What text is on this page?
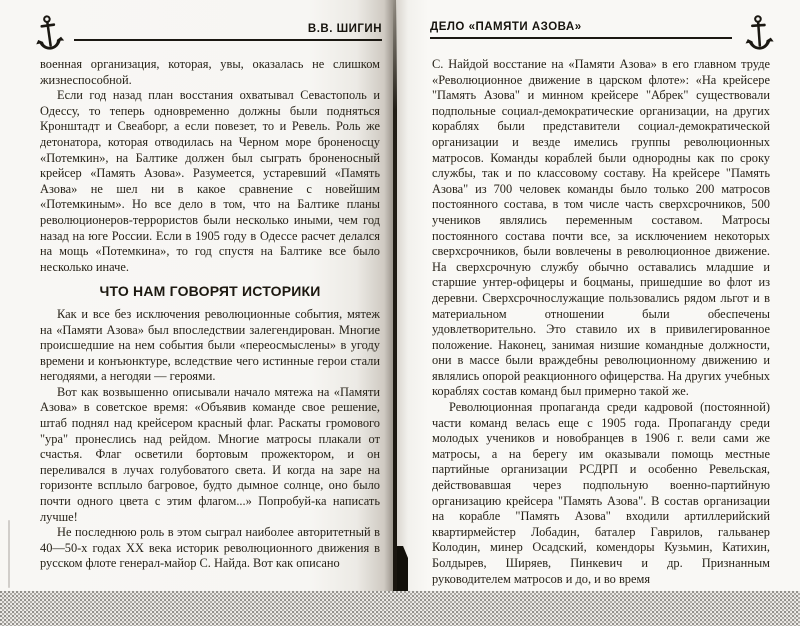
В.В. ШИГИН	ДЕЛО «ПАМЯТИ АЗОВА»

военная организация, которая, увы, оказалась не слишком жизнеспособной.

Если год назад план восстания охватывал Севастополь и Одессу, то теперь одновременно должны были подняться Кронштадт и Свеаборг, а если повезет, то и Ревель. Роль же детонатора, которая отводилась на Черном море броненосцу «Потемкин», на Балтике должен был сыграть броненосный крейсер «Память Азова». Разумеется, устаревший «Память Азова» не шел ни в какое сравнение с новейшим «Потемкиным». Но все дело в том, что на Балтике планы революционеров-террористов были несколько иными, чем год назад на юге России. Если в 1905 году в Одессе расчет делался на мощь «Потемкина», то год спустя на Балтике все было несколько иначе.

ЧТО НАМ ГОВОРЯТ ИСТОРИКИ

Как и все без исключения революционные события, мятеж на «Памяти Азова» был впоследствии залегендирован. Многие происшедшие на нем события были «переосмыслены» в угоду времени и конъюнктуре, вследствие чего истинные герои стали негодяями, а негодяи — героями.

Вот как возвышенно описывали начало мятежа на «Памяти Азова» в советское время: «Объявив команде свое решение, штаб поднял над крейсером красный флаг. Раскаты громового "ура" пронеслись над рейдом. Многие матросы плакали от счастья. Флаг осветили бортовым прожектором, и он переливался в лучах голубоватого света. И когда на заре на горизонте всплыло багровое, будто дымное солнце, оно было почти одного цвета с этим флагом...» Попробуй-ка написать лучше!

Не последнюю роль в этом сыграл наиболее авторитетный в 40—50-х годах XX века историк революционного движения в русском флоте генерал-майор С. Найда. Вот как описано

С. Найдой восстание на «Памяти Азова» в его главном труде «Революционное движение в царском флоте»: «На крейсере "Память Азова" и минном крейсере "Абрек" существовали подпольные социал-демократические организации, на других кораблях были представители социал-демократической организации и везде имелись группы революционных матросов. Команды кораблей были однородны как по сроку службы, так и по классовому составу. На крейсере "Память Азова" из 700 человек команды было только 200 матросов постоянного состава, в том числе часть сверхсрочников, 500 учеников являлись переменным составом. Матросы постоянного состава почти все, за исключением некоторых сверхсрочников, были вовлечены в революционное движение. На сверхсрочную службу обычно оставались младшие и старшие унтер-офицеры и боцманы, пришедшие во флот из деревни. Сверхсрочнослужащие пользовались рядом льгот и в материальном отношении были обеспечены удовлетворительно. Это ставило их в привилегированное положение. Наконец, занимая низшие командные должности, они в массе были враждебны революционному движению и являлись опорой реакционного офицерства. На других учебных кораблях состав команд был примерно такой же.

Революционная пропаганда среди кадровой (постоянной) части команд велась еще с 1905 года. Пропаганду среди молодых учеников и новобранцев в 1906 г. вели сами же матросы, а на берегу им оказывали помощь местные партийные организации РСДРП и особенно Ревельская, действовавшая через подпольную военно-партийную организацию крейсера "Память Азова". В состав организации на корабле "Память Азова" входили артиллерийский квартирмейстер Лобадин, баталер Гаврилов, гальванер Колодин, минер Осадский, комендоры Кузьмин, Катихин, Болдырев, Ширяев, Пинкевич и др. Признанным руководителем матросов и до, и во время
